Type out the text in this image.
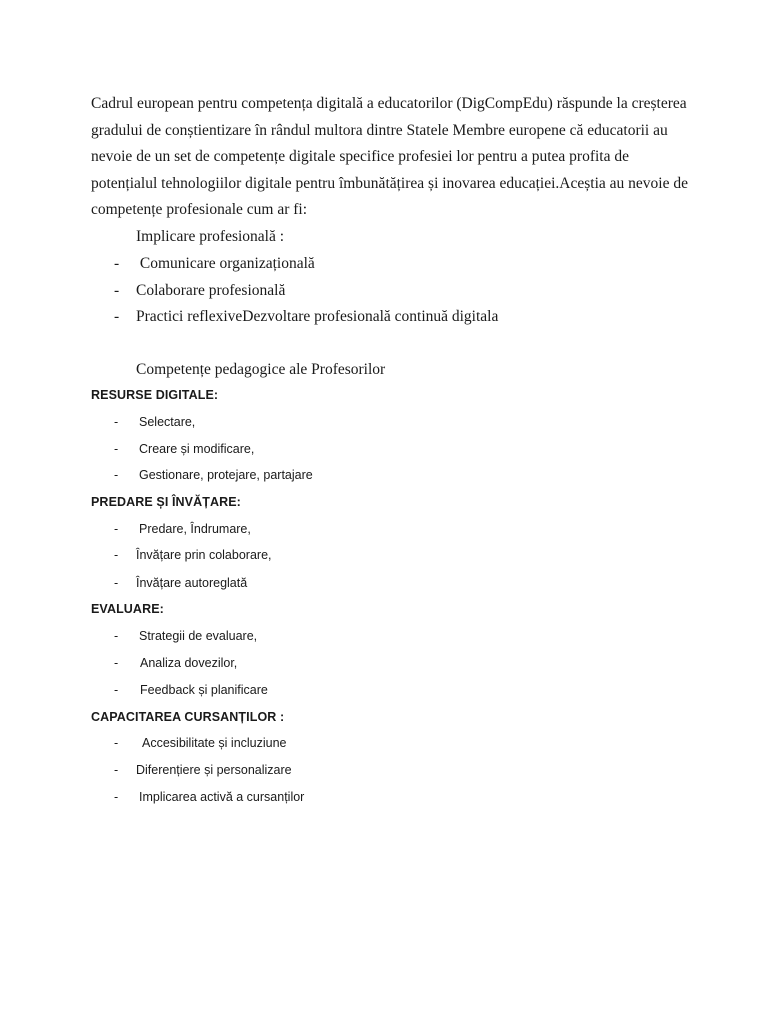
Cadrul european pentru competența digitală a educatorilor (DigCompEdu) răspunde la creșterea
gradului de conștientizare în rândul multora dintre Statele Membre europene că educatorii au
nevoie de un set de competențe digitale specifice profesiei lor pentru a putea profita de
potențialul tehnologiilor digitale pentru îmbunătățirea și inovarea educației.Aceștia au nevoie de
competențe profesionale cum ar fi:

Implicare profesională :
- Comunicare organizațională
- Colaborare profesională
- Practici reflexiveDezvoltare profesională continuă digitala
Competențe pedagogice ale Profesorilor
RESURSE DIGITALE:
- Selectare,
- Creare și modificare,
- Gestionare, protejare, partajare
PREDARE ȘI ÎNVĂȚARE:
- Predare, Îndrumare,
- Învățare prin colaborare,
- Învățare autoreglată
EVALUARE:
- Strategii de evaluare,
- Analiza dovezilor,
- Feedback și planificare
CAPACITAREA CURSANȚILOR :
- Accesibilitate și incluziune
- Diferențiere și personalizare
- Implicarea activă a cursanților
